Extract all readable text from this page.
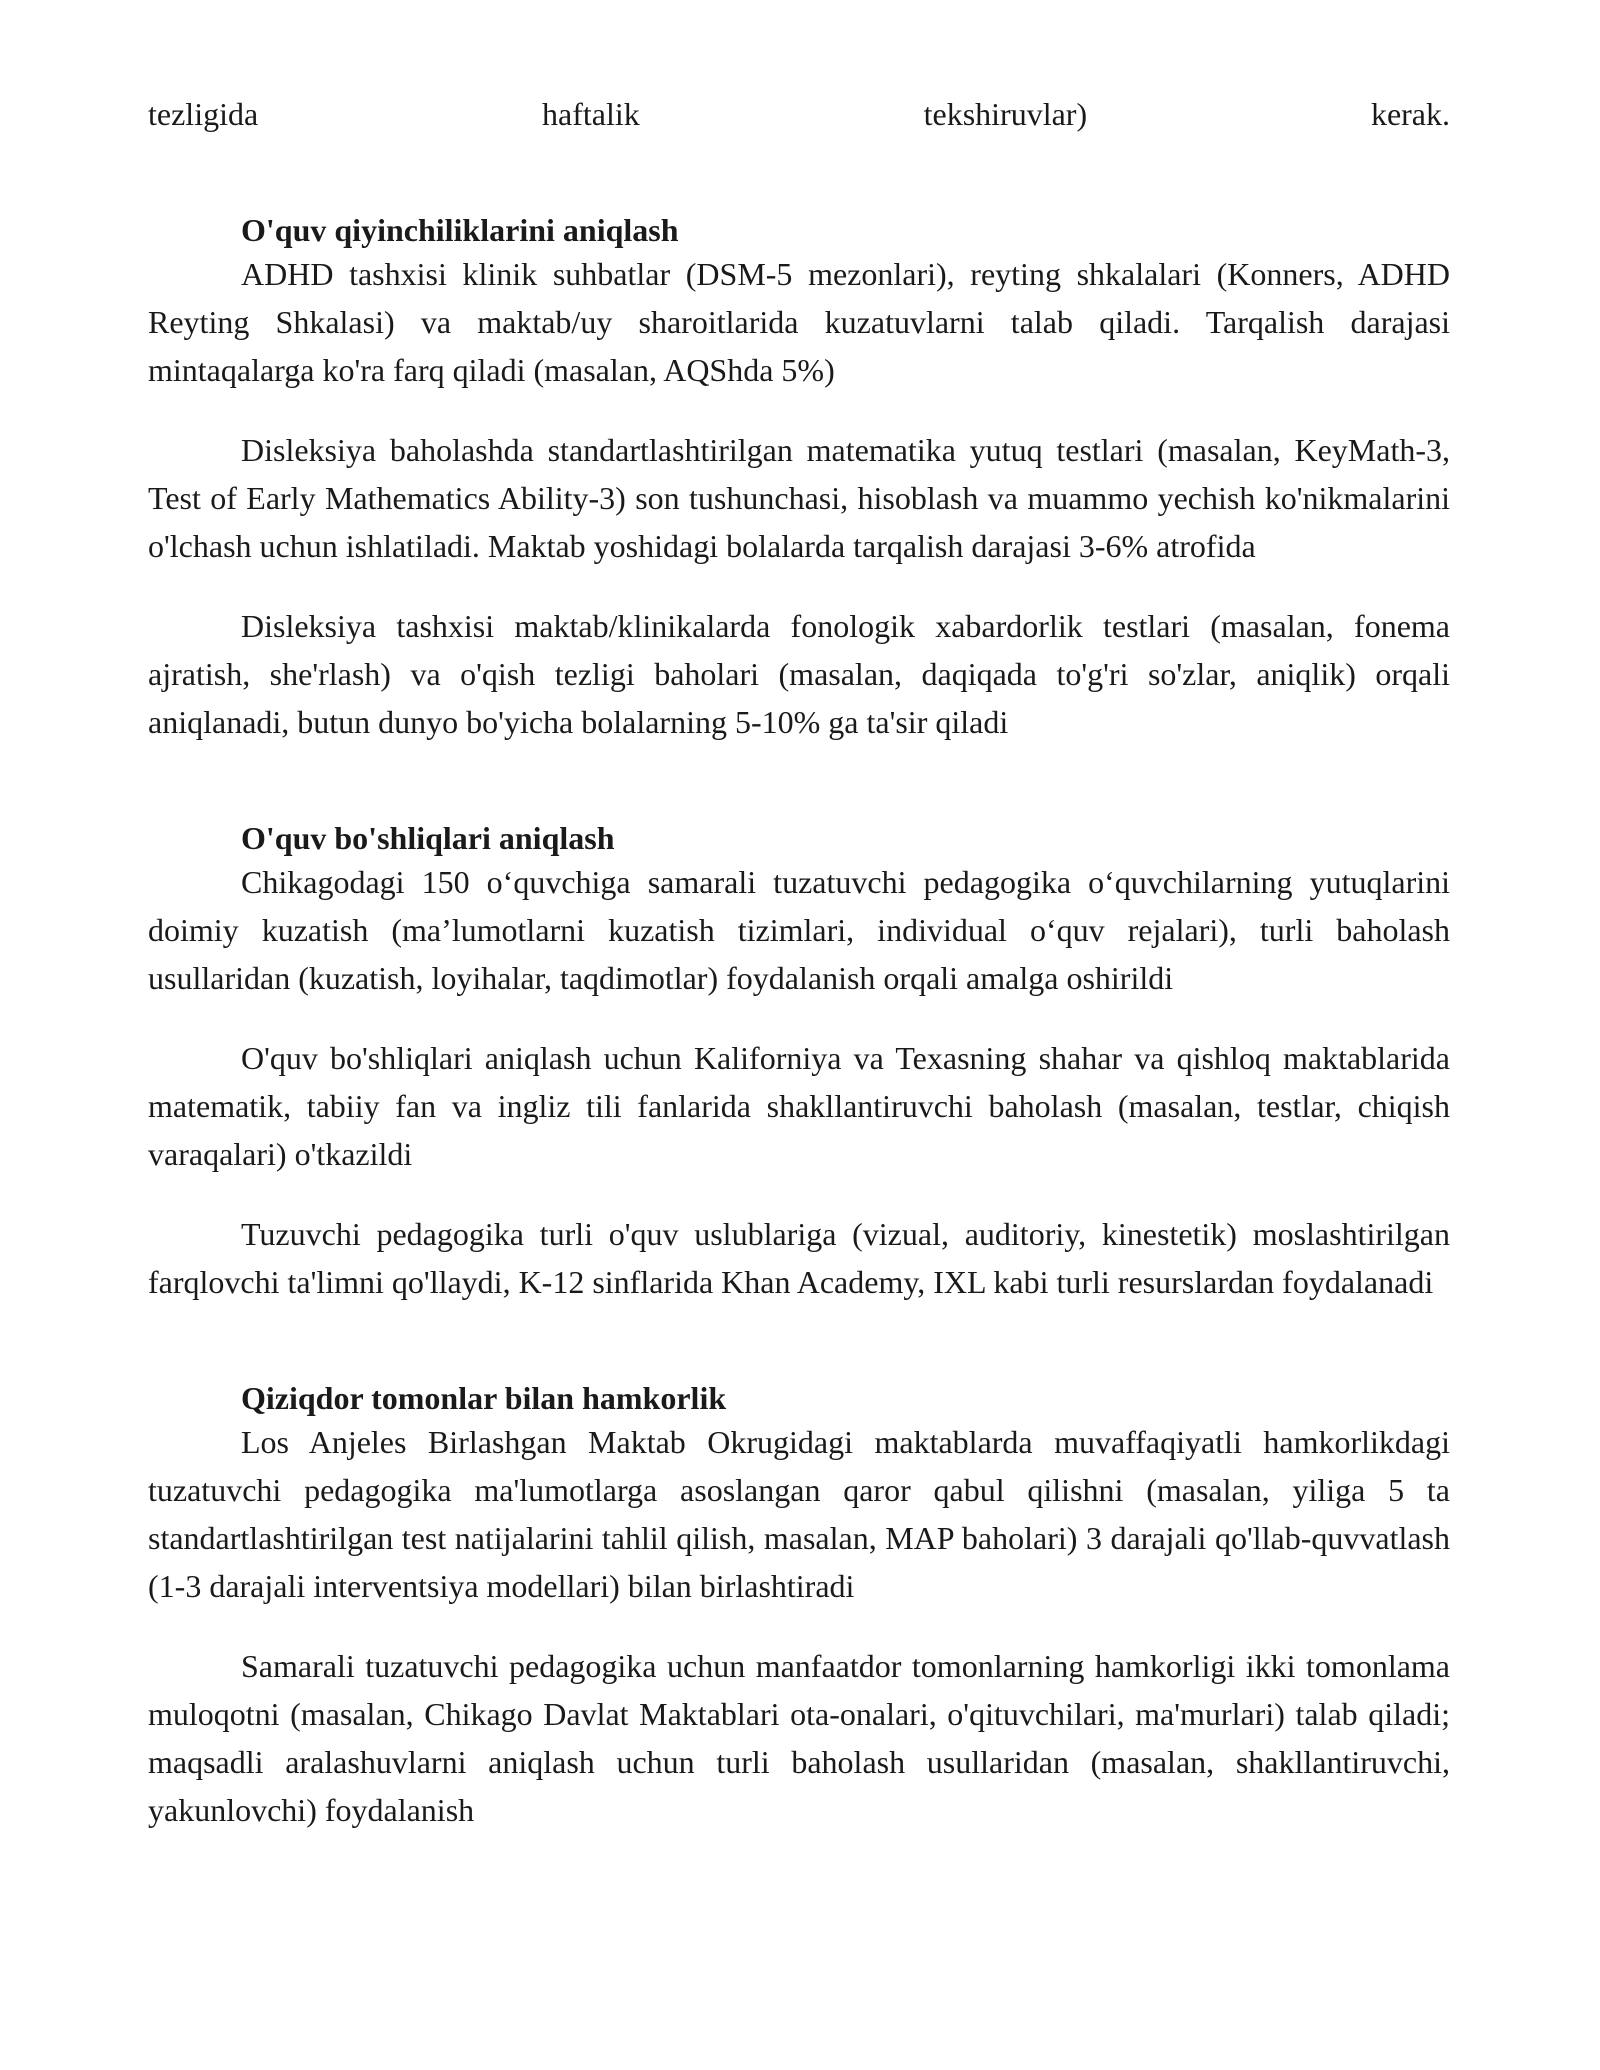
tezligida	haftalik	tekshiruvlar)	kerak.
O'quv qiyinchiliklarini aniqlash

ADHD tashxisi klinik suhbatlar (DSM-5 mezonlari), reyting shkalalari (Konners, ADHD Reyting Shkalasi) va maktab/uy sharoitlarida kuzatuvlarni talab qiladi. Tarqalish darajasi mintaqalarga ko'ra farq qiladi (masalan, AQShda 5%)

Disleksiya baholashda standartlashtirilgan matematika yutuq testlari (masalan, KeyMath-3, Test of Early Mathematics Ability-3) son tushunchasi, hisoblash va muammo yechish ko'nikmalarini o'lchash uchun ishlatiladi. Maktab yoshidagi bolalarda tarqalish darajasi 3-6% atrofida

Disleksiya tashxisi maktab/klinikalarda fonologik xabardorlik testlari (masalan, fonema ajratish, she'rlash) va o'qish tezligi baholari (masalan, daqiqada to'g'ri so'zlar, aniqlik) orqali aniqlanadi, butun dunyo bo'yicha bolalarning 5-10% ga ta'sir qiladi

O'quv bo'shliqlari aniqlash

Chikagodagi 150 o‘quvchiga samarali tuzatuvchi pedagogika o‘quvchilarning yutuqlarini doimiy kuzatish (ma’lumotlarni kuzatish tizimlari, individual o‘quv rejalari), turli baholash usullaridan (kuzatish, loyihalar, taqdimotlar) foydalanish orqali amalga oshirildi

O'quv bo'shliqlari aniqlash uchun Kaliforniya va Texasning shahar va qishloq maktablarida matematik, tabiiy fan va ingliz tili fanlarida shakllantiruvchi baholash (masalan, testlar, chiqish varaqalari) o'tkazildi

Tuzuvchi pedagogika turli o'quv uslublariga (vizual, auditoriy, kinestetik) moslashtirilgan farqlovchi ta'limni qo'llaydi, K-12 sinflarida Khan Academy, IXL kabi turli resurslardan foydalanadi

Qiziqdor tomonlar bilan hamkorlik

Los Anjeles Birlashgan Maktab Okrugidagi maktablarda muvaffaqiyatli hamkorlikdagi tuzatuvchi pedagogika ma'lumotlarga asoslangan qaror qabul qilishni (masalan, yiliga 5 ta standartlashtirilgan test natijalarini tahlil qilish, masalan, MAP baholari) 3 darajali qo'llab-quvvatlash (1-3 darajali interventsiya modellari) bilan birlashtiradi

Samarali tuzatuvchi pedagogika uchun manfaatdor tomonlarning hamkorligi ikki tomonlama muloqotni (masalan, Chikago Davlat Maktablari ota-onalari, o'qituvchilari, ma'murlari) talab qiladi; maqsadli aralashuvlarni aniqlash uchun turli baholash usullaridan (masalan, shakllantiruvchi, yakunlovchi) foydalanish
